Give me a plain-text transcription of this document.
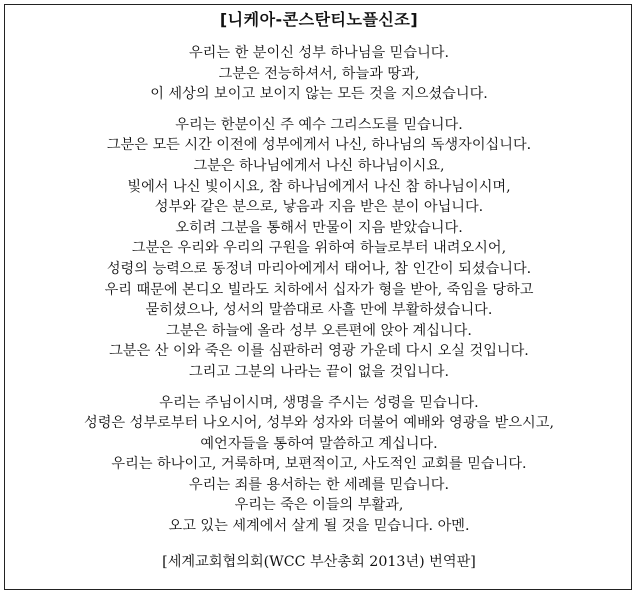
[니케아-콘스탄티노플신조]

우리는 한 분이신 성부 하나님을 믿습니다.
그분은 전능하셔서, 하늘과 땅과,
이 세상의 보이고 보이지 않는 모든 것을 지으셨습니다.

우리는 한분이신 주 예수 그리스도를 믿습니다.
그분은 모든 시간 이전에 성부에게서 나신, 하나님의 독생자이십니다.
그분은 하나님에게서 나신 하나님이시요,
빛에서 나신 빛이시요, 참 하나님에게서 나신 참 하나님이시며,
성부와 같은 분으로, 낳음과 지음 받은 분이 아닙니다.
오히려 그분을 통해서 만물이 지음 받았습니다.
그분은 우리와 우리의 구원을 위하여 하늘로부터 내려오시어,
성령의 능력으로 동정녀 마리아에게서 태어나, 참 인간이 되셨습니다.
우리 때문에 본디오 빌라도 치하에서 십자가 형을 받아, 죽임을 당하고
묻히셨으나, 성서의 말씀대로 사흘 만에 부활하셨습니다.
그분은 하늘에 올라 성부 오른편에 앉아 계십니다.
그분은 산 이와 죽은 이를 심판하러 영광 가운데 다시 오실 것입니다.
그리고 그분의 나라는 끝이 없을 것입니다.

우리는 주님이시며, 생명을 주시는 성령을 믿습니다.
성령은 성부로부터 나오시어, 성부와 성자와 더불어 예배와 영광을 받으시고,
예언자들을 통하여 말씀하고 계십니다.
우리는 하나이고, 거룩하며, 보편적이고, 사도적인 교회를 믿습니다.
우리는 죄를 용서하는 한 세례를 믿습니다.
우리는 죽은 이들의 부활과,
오고 있는 세계에서 살게 될 것을 믿습니다. 아멘.

[세계교회협의회(WCC 부산총회 2013년) 번역판]
